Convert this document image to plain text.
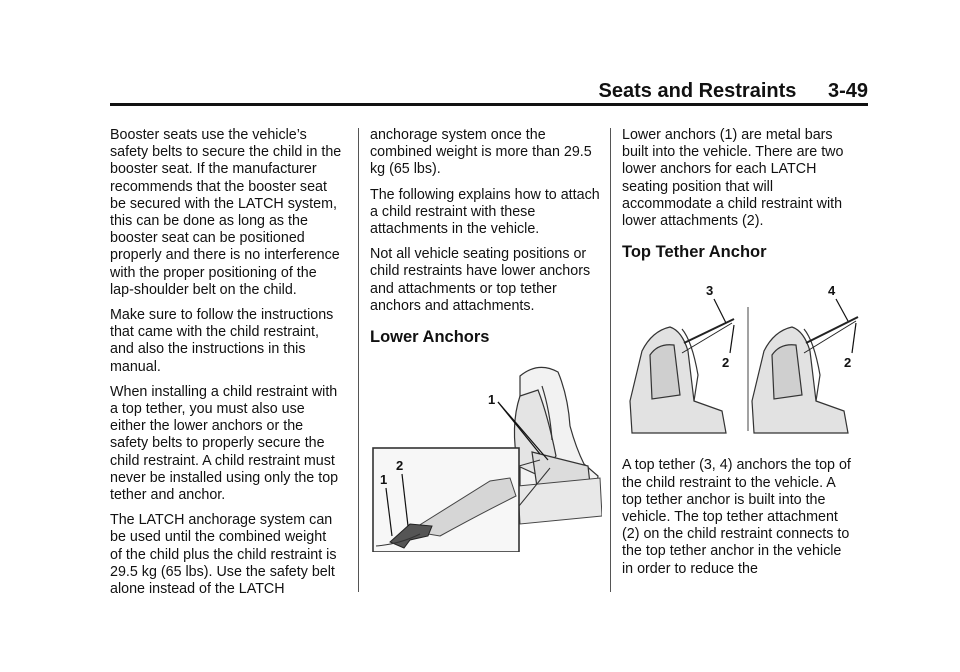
Seats and Restraints 3-49

Booster seats use the vehicle’s safety belts to secure the child in the booster seat. If the manufacturer recommends that the booster seat be secured with the LATCH system, this can be done as long as the booster seat can be positioned properly and there is no interference with the proper positioning of the lap-shoulder belt on the child.

Make sure to follow the instructions that came with the child restraint, and also the instructions in this manual.

When installing a child restraint with a top tether, you must also use either the lower anchors or the safety belts to properly secure the child restraint. A child restraint must never be installed using only the top tether and anchor.

The LATCH anchorage system can be used until the combined weight of the child plus the child restraint is 29.5 kg (65 lbs). Use the safety belt alone instead of the LATCH

anchorage system once the combined weight is more than 29.5 kg (65 lbs).

The following explains how to attach a child restraint with these attachments in the vehicle.

Not all vehicle seating positions or child restraints have lower anchors and attachments or top tether anchors and attachments.

Lower Anchors
1
2
1

Lower anchors (1) are metal bars built into the vehicle. There are two lower anchors for each LATCH seating position that will accommodate a child restraint with lower attachments (2).

Top Tether Anchor
3
2
4
2

A top tether (3, 4) anchors the top of the child restraint to the vehicle. A top tether anchor is built into the vehicle. The top tether attachment (2) on the child restraint connects to the top tether anchor in the vehicle in order to reduce the
